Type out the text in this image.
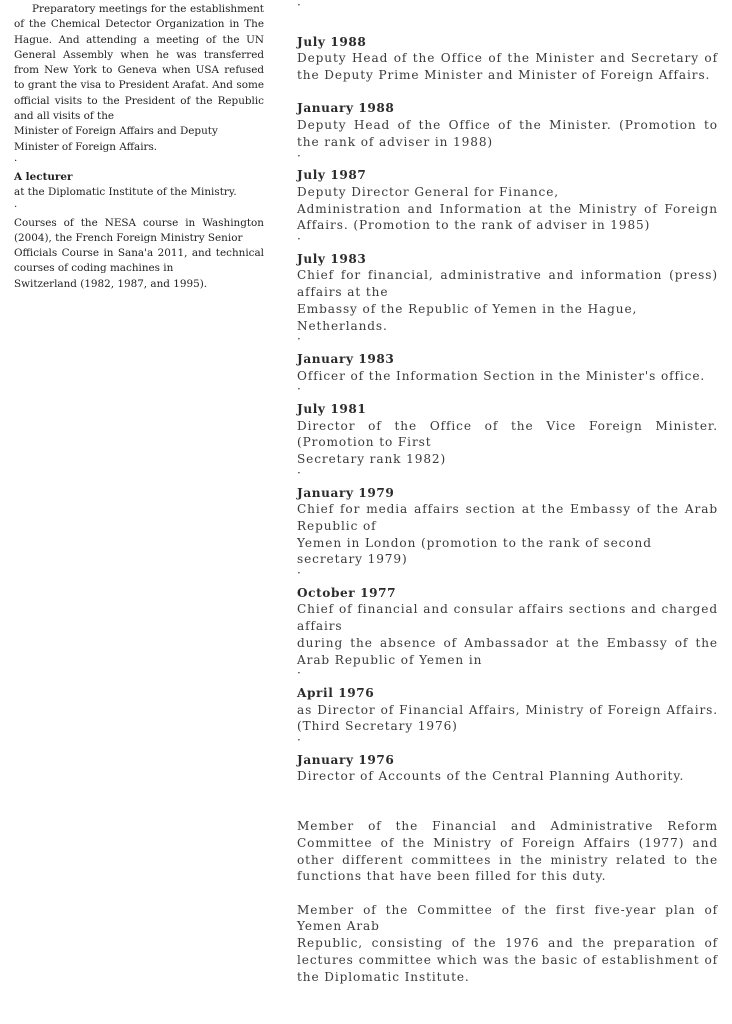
Preparatory meetings for the establishment of the Chemical Detector Organization in The Hague. And attending a meeting of the UN General Assembly when he was transferred from New York to Geneva when USA refused to grant the visa to President Arafat. And some official visits to the President of the Republic and all visits of the

Minister of Foreign Affairs and Deputy

Minister of Foreign Affairs.

·

A lecturer

at the Diplomatic Institute of the Ministry.

·

Courses of the NESA course in Washington (2004), the French Foreign Ministry Senior

Officials Course in Sana'a 2011, and technical courses of coding machines in

Switzerland (1982, 1987, and 1995).

·

July 1988

Deputy Head of the Office of the Minister and Secretary of the Deputy Prime Minister and Minister of Foreign Affairs.

January 1988

Deputy Head of the Office of the Minister. (Promotion to the rank of adviser in 1988)

·

July 1987

Deputy Director General for Finance,

Administration and Information at the Ministry of Foreign Affairs. (Promotion to the rank of adviser in 1985)

·

July 1983

Chief for financial, administrative and information (press) affairs at the

Embassy of the Republic of Yemen in the Hague,

Netherlands.

·

January 1983

Officer of the Information Section in the Minister's office.

·

July 1981

Director of the Office of the Vice Foreign Minister. (Promotion to First

Secretary rank 1982)

·

January 1979

Chief for media affairs section at the Embassy of the Arab Republic of

Yemen in London (promotion to the rank of second secretary 1979)

·

October 1977

Chief of financial and consular affairs sections and charged affairs

during the absence of Ambassador at the Embassy of the Arab Republic of Yemen in

·

April 1976

as Director of Financial Affairs, Ministry of Foreign Affairs. (Third Secretary 1976)

·

January 1976

Director of Accounts of the Central Planning Authority.

Member of the Financial and Administrative Reform Committee of the Ministry of Foreign Affairs (1977) and other different committees in the ministry related to the functions that have been filled for this duty.

Member of the Committee of the first five-year plan of Yemen Arab

Republic, consisting of the 1976 and the preparation of lectures committee which was the basic of establishment of the Diplomatic Institute.
